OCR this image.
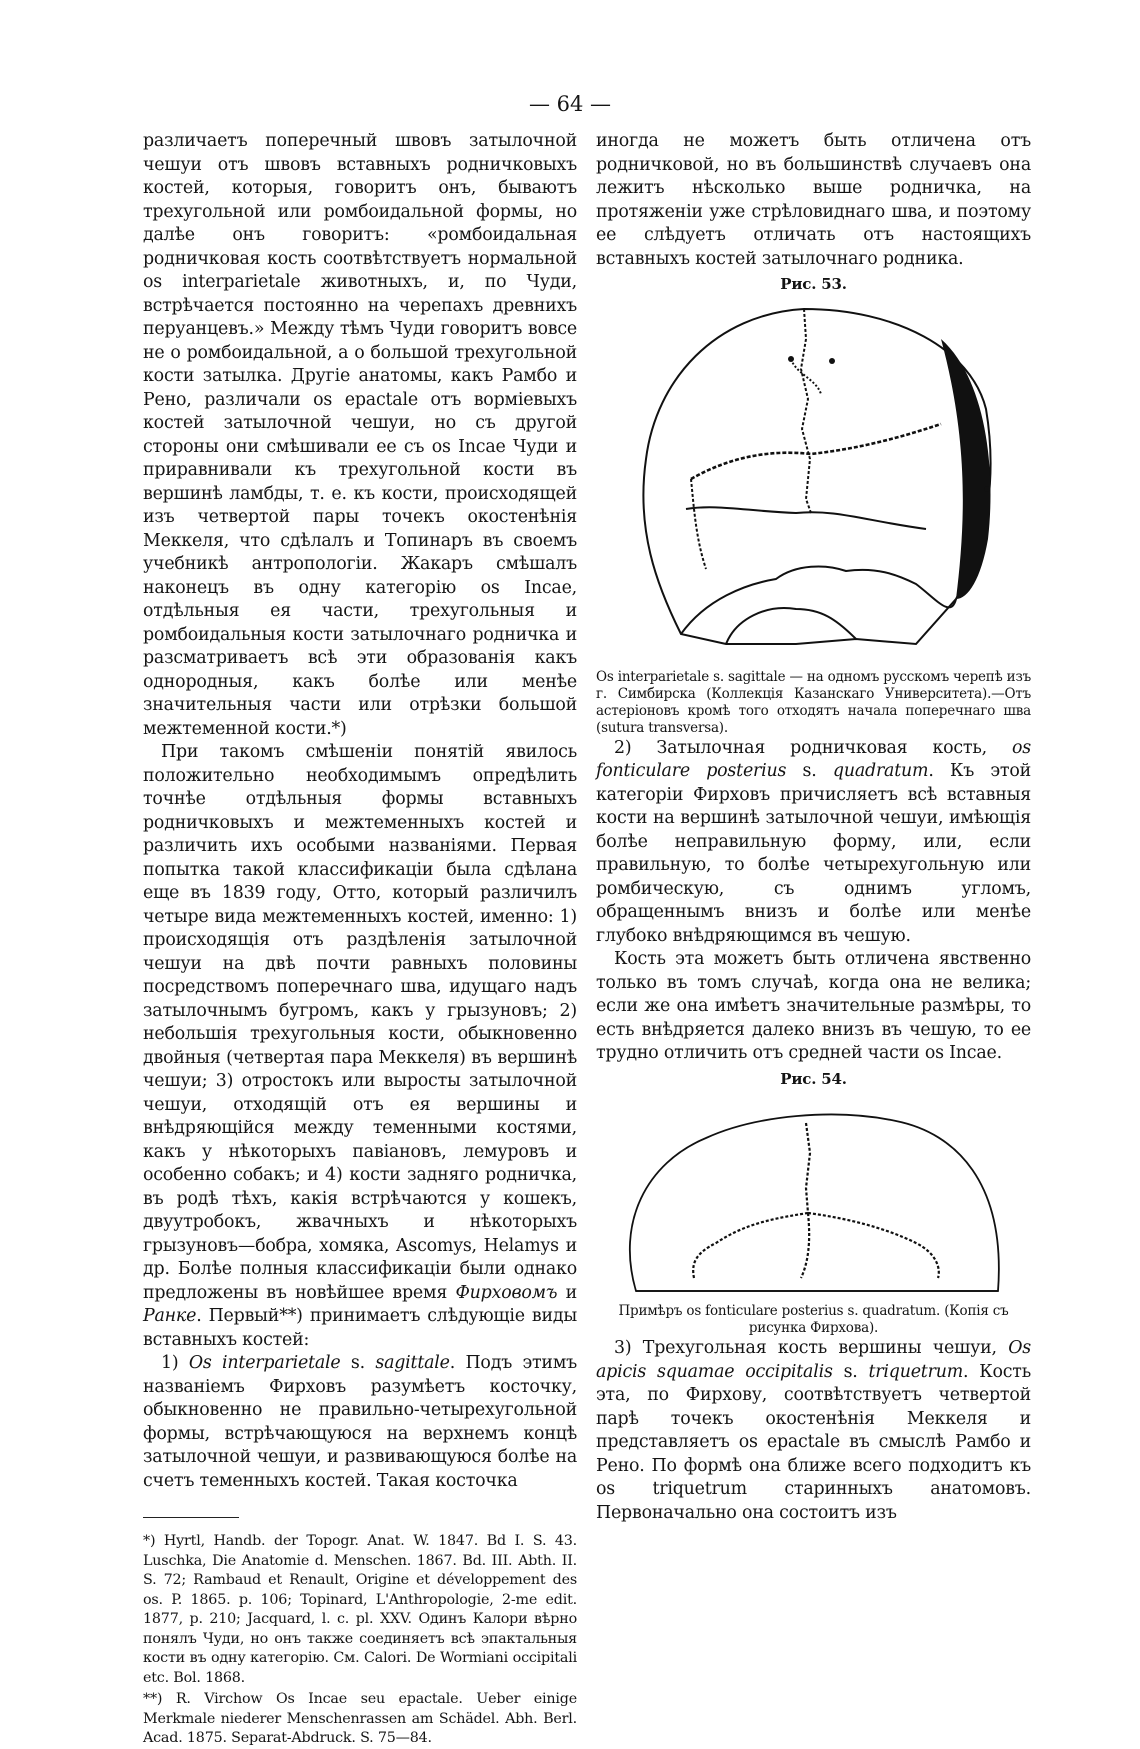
— 64 —

различаетъ поперечный швовъ затылочной чешуи отъ швовъ вставныхъ родничковыхъ костей, которыя, говоритъ онъ, бываютъ трехугольной или ромбоидальной формы, но далѣе онъ говоритъ: «ромбоидальная родничковая кость соотвѣтствуетъ нормальной os interparietale животныхъ, и, по Чуди, встрѣчается постоянно на черепахъ древнихъ перуанцевъ.» Между тѣмъ Чуди говоритъ вовсе не о ромбоидальной, а о большой трехугольной кости затылка. Другіе анатомы, какъ Рамбо и Рено, различали os epactale отъ ворміевыхъ костей затылочной чешуи, но съ другой стороны они смѣшивали ее съ os Incae Чуди и приравнивали къ трехугольной кости въ вершинѣ ламбды, т. е. къ кости, происходящей изъ четвертой пары точекъ окостенѣнія Меккеля, что сдѣлалъ и Топинаръ въ своемъ учебникѣ антропологіи. Жакаръ смѣшалъ наконецъ въ одну категорію os Incae, отдѣльныя ея части, трехугольныя и ромбоидальныя кости затылочнаго родничка и разсматриваетъ всѣ эти образованія какъ однородныя, какъ болѣе или менѣе значительныя части или отрѣзки большой межтеменной кости.*)

При такомъ смѣшеніи понятій явилось положительно необходимымъ опредѣлить точнѣе отдѣльныя формы вставныхъ родничковыхъ и межтеменныхъ костей и различить ихъ особыми названіями. Первая попытка такой классификаціи была сдѣлана еще въ 1839 году, Отто, который различилъ четыре вида межтеменныхъ костей, именно: 1) происходящія отъ раздѣленія затылочной чешуи на двѣ почти равныхъ половины посредствомъ поперечнаго шва, идущаго надъ затылочнымъ бугромъ, какъ у грызуновъ; 2) небольшія трехугольныя кости, обыкновенно двойныя (четвертая пара Меккеля) въ вершинѣ чешуи; 3) отростокъ или выросты затылочной чешуи, отходящій отъ ея вершины и внѣдряющійся между теменными костями, какъ у нѣкоторыхъ павіановъ, лемуровъ и особенно собакъ; и 4) кости задняго родничка, въ родѣ тѣхъ, какія встрѣчаются у кошекъ, двуутробокъ, жвачныхъ и нѣкоторыхъ грызуновъ—бобра, хомяка, Ascomys, Helamys и др. Болѣе полныя классификаціи были однако предложены въ новѣйшее время Фирховомъ и Ранке. Первый**) принимаетъ слѣдующіе виды вставныхъ костей:

1) Os interparietale s. sagittale. Подъ этимъ названіемъ Фирховъ разумѣетъ косточку, обыкновенно не правильно-четырехугольной формы, встрѣчающуюся на верхнемъ концѣ затылочной чешуи, и развивающуюся болѣе на счетъ теменныхъ костей. Такая косточка

*) Hyrtl, Handb. der Topogr. Anat. W. 1847. Bd I. S. 43. Luschka, Die Anatomie d. Menschen. 1867. Bd. III. Abth. II. S. 72; Rambaud et Renault, Origine et développement des os. P. 1865. p. 106; Topinard, L'Anthropologie, 2-me edit. 1877, p. 210; Jacquard, l. c. pl. XXV. Одинъ Калори вѣрно понялъ Чуди, но онъ также соединяетъ всѣ эпактальныя кости въ одну категорію. См. Calori. De Wormiani occipitali etc. Bol. 1868.

**) R. Virchow Os Incae seu epactale. Ueber einige Merkmale niederer Menschenrassen am Schädel. Abh. Berl. Acad. 1875. Separat-Abdruck. S. 75—84.

иногда не можетъ быть отличена отъ родничковой, но въ большинствѣ случаевъ она лежитъ нѣсколько выше родничка, на протяженіи уже стрѣловиднаго шва, и поэтому ее слѣдуетъ отличать отъ настоящихъ вставныхъ костей затылочнаго родника.

Рис. 53.

Os interparietale s. sagittale — на одномъ русскомъ черепѣ изъ г. Симбирска (Коллекція Казанскаго Университета).—Отъ астеріоновъ кромѣ того отходятъ начала поперечнаго шва (sutura transversa).

2) Затылочная родничковая кость, os fonticulare posterius s. quadratum. Къ этой категоріи Фирховъ причисляетъ всѣ вставныя кости на вершинѣ затылочной чешуи, имѣющія болѣе неправильную форму, или, если правильную, то болѣе четырехугольную или ромбическую, съ однимъ угломъ, обращеннымъ внизъ и болѣе или менѣе глубоко внѣдряющимся въ чешую.

Кость эта можетъ быть отличена явственно только въ томъ случаѣ, когда она не велика; если же она имѣетъ значительные размѣры, то есть внѣдряется далеко внизъ въ чешую, то ее трудно отличить отъ средней части os Incae.

Рис. 54.

Примѣръ os fonticulare posterius s. quadratum. (Копія съ рисунка Фирхова).

3) Трехугольная кость вершины чешуи, Os apicis squamae occipitalis s. triquetrum. Кость эта, по Фирхову, соотвѣтствуетъ четвертой парѣ точекъ окостенѣнія Меккеля и представляетъ os epactale въ смыслѣ Рамбо и Рено. По формѣ она ближе всего подходитъ къ os triquetrum старинныхъ анатомовъ. Первоначально она состоитъ изъ
